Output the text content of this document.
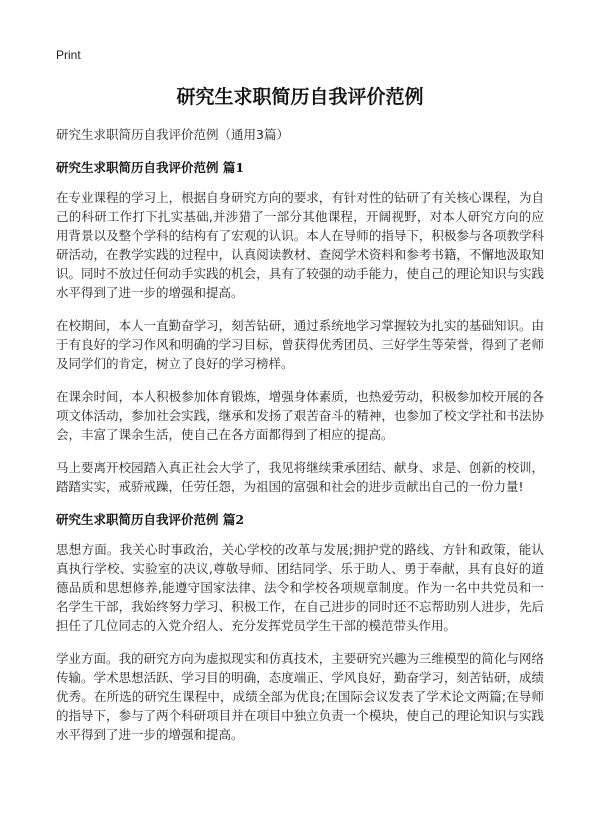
Print
研究生求职简历自我评价范例
研究生求职简历自我评价范例（通用3篇）
研究生求职简历自我评价范例 篇1

在专业课程的学习上，根据自身研究方向的要求，有针对性的钻研了有关核心课程，为自己的科研工作打下扎实基础,并涉猎了一部分其他课程，开阔视野，对本人研究方向的应用背景以及整个学科的结构有了宏观的认识。本人在导师的指导下，积极参与各项教学科研活动，在教学实践的过程中，认真阅读教材、查阅学术资料和参考书籍，不懈地汲取知识。同时不放过任何动手实践的机会，具有了较强的动手能力，使自己的理论知识与实践水平得到了进一步的增强和提高。

在校期间，本人一直勤奋学习，刻苦钻研，通过系统地学习掌握较为扎实的基础知识。由于有良好的学习作风和明确的学习目标，曾获得优秀团员、三好学生等荣誉，得到了老师及同学们的肯定，树立了良好的学习榜样。

在课余时间，本人积极参加体育锻炼，增强身体素质，也热爱劳动，积极参加校开展的各项文体活动，参加社会实践，继承和发扬了艰苦奋斗的精神，也参加了校文学社和书法协会，丰富了课余生活，使自己在各方面都得到了相应的提高。

马上要离开校园踏入真正社会大学了，我见将继续秉承团结、献身、求是、创新的校训，踏踏实实，戒骄戒躁，任劳任怨，为祖国的富强和社会的进步贡献出自己的一份力量!

研究生求职简历自我评价范例 篇2

思想方面。我关心时事政治，关心学校的改革与发展;拥护党的路线、方针和政策，能认真执行学校、实验室的决议,尊敬导师、团结同学、乐于助人、勇于奉献，具有良好的道德品质和思想修养,能遵守国家法律、法令和学校各项规章制度。作为一名中共党员和一名学生干部，我始终努力学习、积极工作，在自己进步的同时还不忘帮助别人进步，先后担任了几位同志的入党介绍人、充分发挥党员学生干部的模范带头作用。

学业方面。我的研究方向为虚拟现实和仿真技术，主要研究兴趣为三维模型的简化与网络传输。学术思想活跃、学习目的明确，态度端正、学风良好，勤奋学习，刻苦钻研，成绩优秀。在所选的研究生课程中，成绩全部为优良;在国际会议发表了学术论文两篇;在导师的指导下，参与了两个科研项目并在项目中独立负责一个模块，使自己的理论知识与实践水平得到了进一步的增强和提高。
